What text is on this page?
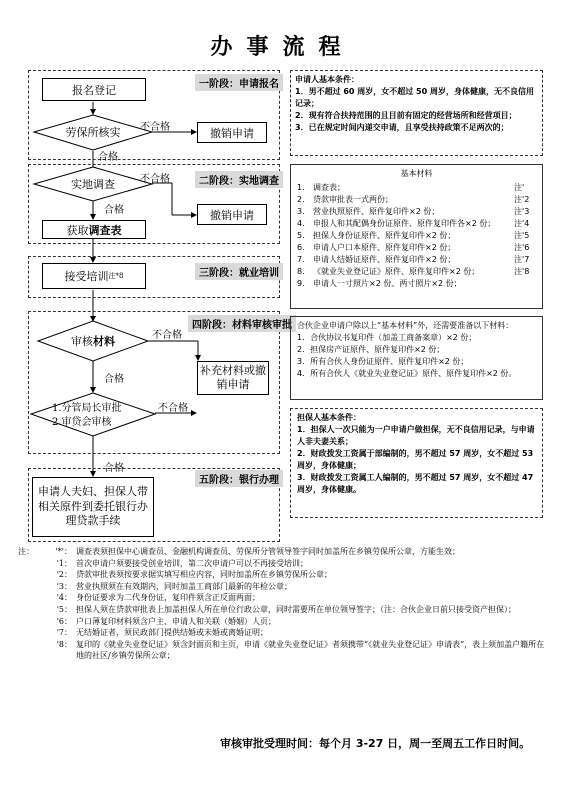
办事流程
一阶段：申请报名
报名登记
劳保所核实	不合格	撤销申请
合格
二阶段：实地调查
实地调查	不合格
撤销申请
合格
获取 调查表
三阶段：就业培训
接受培训 注*8
四阶段：材料审核审批
审核材料	不合格
补充材料或撤销申请
合格
1.分管局长审批
2.审贷会审核
不合格
合格
五阶段：银行办理
申请人夫妇、担保人带相关原件到委托银行办理贷款手续
申请人基本条件：
1．男不超过 60 周岁，女不超过 50 周岁，身体健康，无不良信用记录；
2．现有符合扶持范围的且目前有固定的经营场所和经营项目；
3．已在规定时间内递交申请，且享受扶持政策不足两次的；
基本材料
1.	调查表；	注'
2.	贷款审批表一式两份；	注'2
3.	营业执照原件、原件复印件×2 份；	注'3
4.	申报人和其配偶身份证原件、原件复印件各×2 份；	注'4
5.	担保人身份证原件、原件复印件×2 份；	注'5
6.	申请人户口本原件、原件复印件×2 份；	注'6
7.	申请人结婚证原件、原件复印件×2 份；	注'7
8.	《就业失业登记证》原件、原件复印件×2 份；	注'8
9.	申请人一寸照片×2 份、两寸照片×2 份；
合伙企业申请户除以上“基本材料”外，还需要准备以下材料：
1．合伙协议书复印件（加盖工商备案章）×2 份；
2．担保房产证原件、原件复印件×2 份；
3．所有合伙人身份证原件、原件复印件×2 份；
4．所有合伙人《就业失业登记证》原件、原件复印件×2 份。
担保人基本条件：
1．担保人一次只能为一户申请户做担保，无不良信用记录，与申请人非夫妻关系；
2．财政拨发工资属于部编制的，男不超过 57 周岁，女不超过 53 周岁，身体健康；
3．财政拨发工资属工人编制的，男不超过 57 周岁，女不超过 47 周岁，身体健康。
注：	'*'： 调查表须担保中心调查员、金融机构调查员、劳保所分管领导签字同时加盖所在乡镇劳保所公章，方能生效；
'1： 首次申请户须要接受创业培训，第二次申请户可以不再接受培训；
'2： 贷款审批表须按要求据实填写相应内容，同时加盖所在乡镇劳保所公章；
'3： 营业执照须在有效期内，同时加盖工商部门最新的年检公章；
'4： 身份证要求为二代身份证，复印件须含正反面两面；
'5： 担保人须在贷款审批表上加盖担保人所在单位行政公章，同时需要所在单位领导签字；（注：合伙企业日前只接受资产担保）；
'6： 户口薄复印材料须含户主、申请人和关联（婚姻）人页；
'7： 无结婚证者，须民政部门提供结婚或未婚或离婚证明；
'8： 复印的《就业失业登记证》须含封面页和主页，申请《就业失业登记证》者须携带“《就业失业登记证》申请表”，表上须加盖户籍所在地的社区/乡镇劳保所公章；
审核审批受理时间：每个月 3-27 日，周一至周五工作日时间。
